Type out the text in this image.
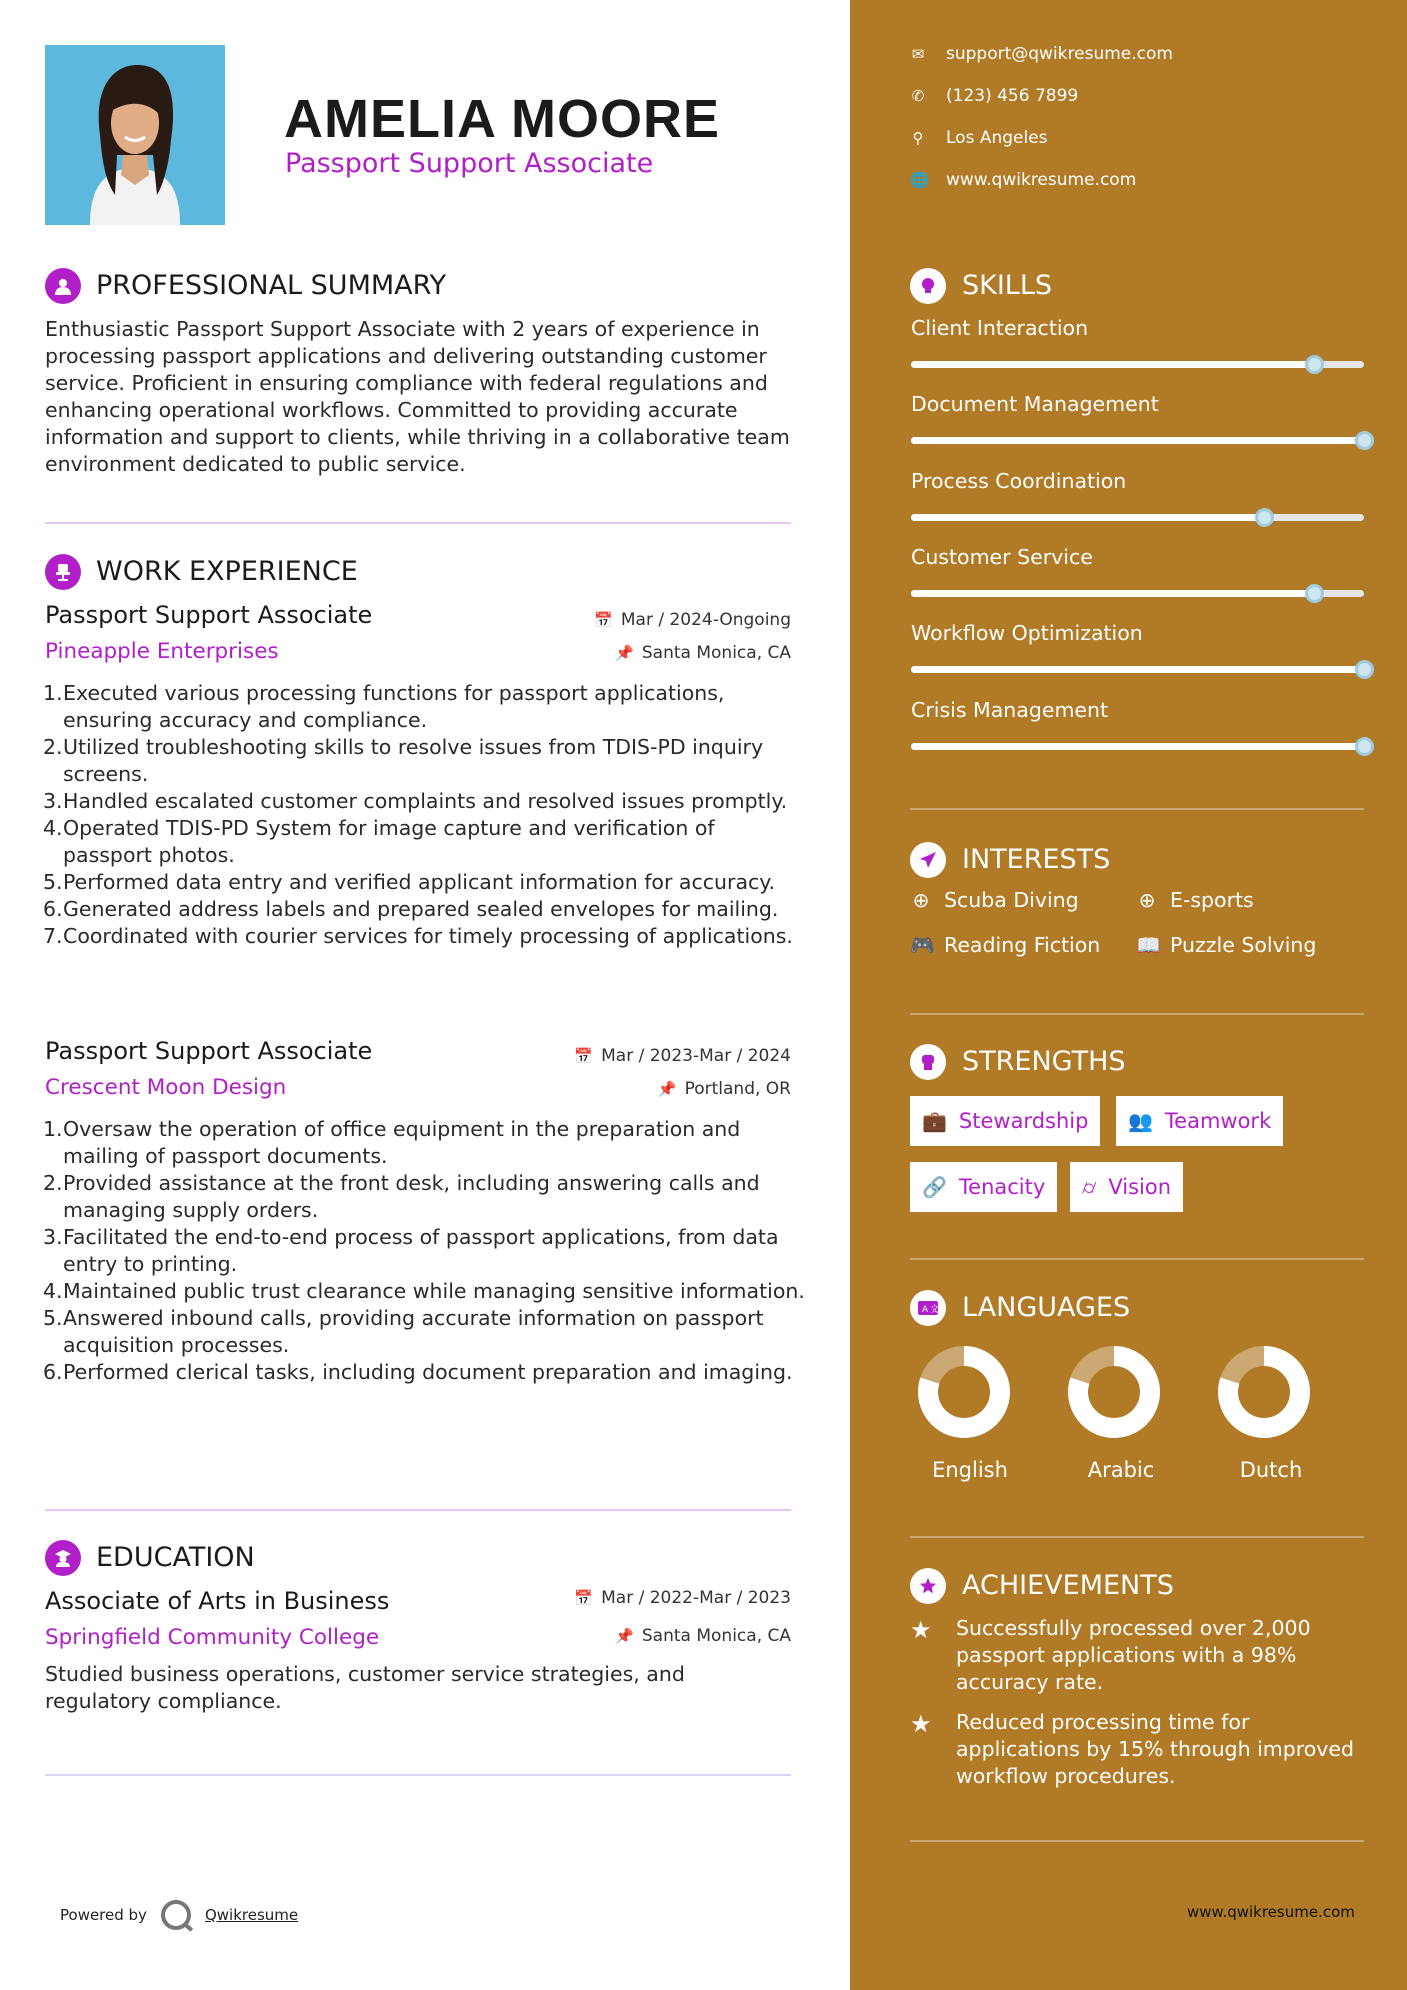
AMELIA MOORE
Passport Support Associate
PROFESSIONAL SUMMARY
Enthusiastic Passport Support Associate with 2 years of experience in processing passport applications and delivering outstanding customer service. Proficient in ensuring compliance with federal regulations and enhancing operational workflows. Committed to providing accurate information and support to clients, while thriving in a collaborative team environment dedicated to public service.
WORK EXPERIENCE
Passport Support Associate	📅 Mar / 2024-Ongoing
Pineapple Enterprises	📌 Santa Monica, CA
1. Executed various processing functions for passport applications, ensuring accuracy and compliance.
2. Utilized troubleshooting skills to resolve issues from TDIS-PD inquiry screens.
3. Handled escalated customer complaints and resolved issues promptly.
4. Operated TDIS-PD System for image capture and verification of passport photos.
5. Performed data entry and verified applicant information for accuracy.
6. Generated address labels and prepared sealed envelopes for mailing.
7. Coordinated with courier services for timely processing of applications.
Passport Support Associate	📅 Mar / 2023-Mar / 2024
Crescent Moon Design	📌 Portland, OR
1. Oversaw the operation of office equipment in the preparation and mailing of passport documents.
2. Provided assistance at the front desk, including answering calls and managing supply orders.
3. Facilitated the end-to-end process of passport applications, from data entry to printing.
4. Maintained public trust clearance while managing sensitive information.
5. Answered inbound calls, providing accurate information on passport acquisition processes.
6. Performed clerical tasks, including document preparation and imaging.
EDUCATION
Associate of Arts in Business	📅 Mar / 2022-Mar / 2023
Springfield Community College	📌 Santa Monica, CA
Studied business operations, customer service strategies, and regulatory compliance.
Powered by	Qwikresume
✉ support@qwikresume.com
✆ (123) 456 7899
⚲ Los Angeles
🌐 www.qwikresume.com
SKILLS
Client Interaction
Document Management
Process Coordination
Customer Service
Workflow Optimization
Crisis Management
INTERESTS
⊕ Scuba Diving	⊕ E-sports
🎮 Reading Fiction 📖 Puzzle Solving
STRENGTHS
💼 Stewardship 👥 Teamwork
🔗 Tenacity ⌭ Vision
A 文 LANGUAGES
English	Arabic	Dutch
ACHIEVEMENTS
★	Successfully processed over 2,000 passport applications with a 98% accuracy rate.
★	Reduced processing time for applications by 15% through improved workflow procedures.
www.qwikresume.com
